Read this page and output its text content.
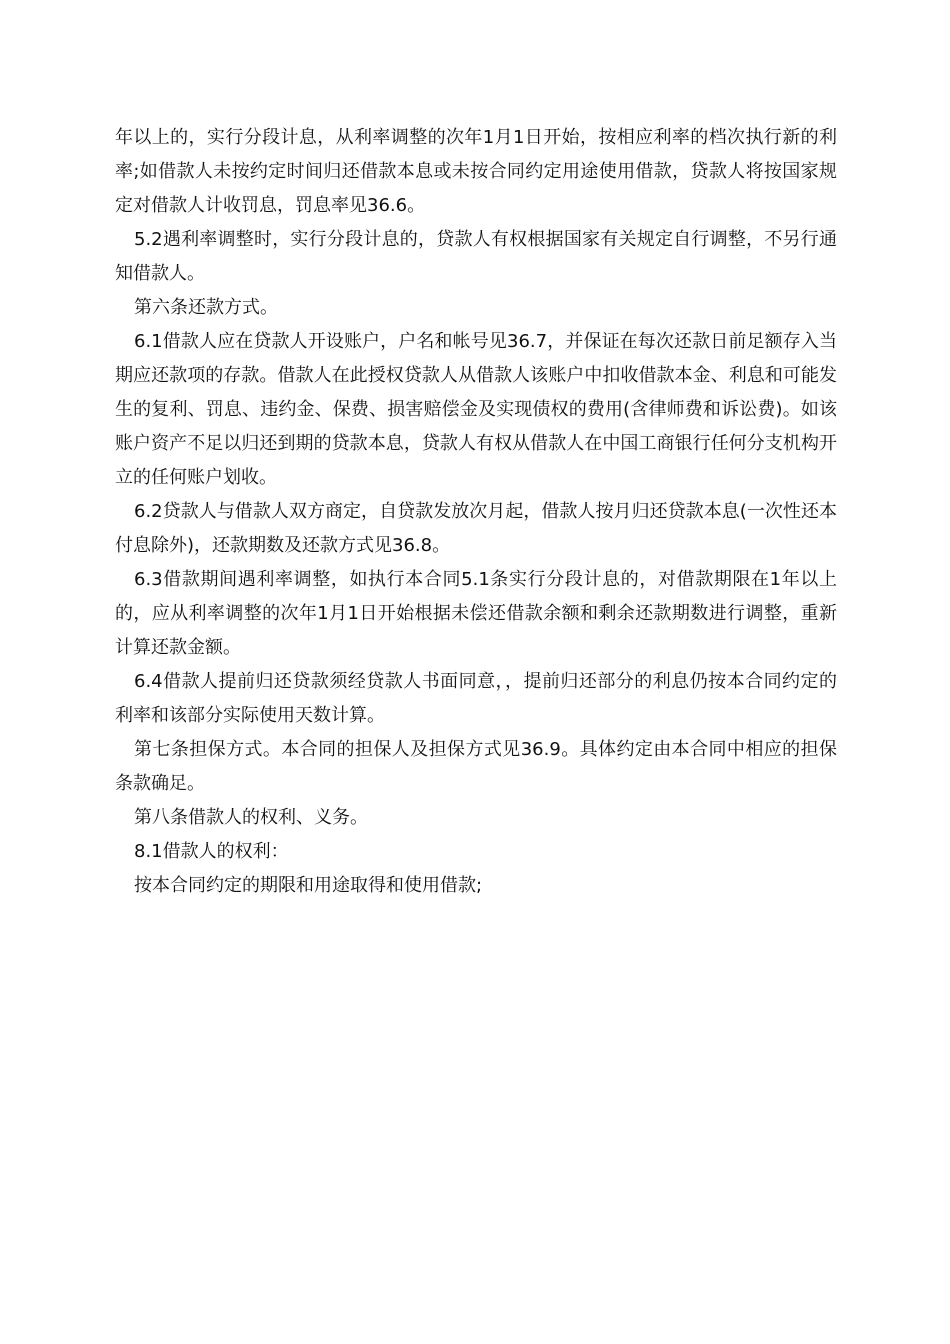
年以上的，实行分段计息，从利率调整的次年1月1日开始，按相应利率的档次执行新的利率;如借款人未按约定时间归还借款本息或未按合同约定用途使用借款，贷款人将按国家规定对借款人计收罚息，罚息率见36.6。

5.2遇利率调整时，实行分段计息的，贷款人有权根据国家有关规定自行调整，不另行通知借款人。

第六条还款方式。

6.1借款人应在贷款人开设账户，户名和帐号见36.7，并保证在每次还款日前足额存入当期应还款项的存款。借款人在此授权贷款人从借款人该账户中扣收借款本金、利息和可能发生的复利、罚息、违约金、保费、损害赔偿金及实现债权的费用(含律师费和诉讼费)。如该账户资产不足以归还到期的贷款本息，贷款人有权从借款人在中国工商银行任何分支机构开立的任何账户划收。

6.2贷款人与借款人双方商定，自贷款发放次月起，借款人按月归还贷款本息(一次性还本付息除外)，还款期数及还款方式见36.8。

6.3借款期间遇利率调整，如执行本合同5.1条实行分段计息的，对借款期限在1年以上的，应从利率调整的次年1月1日开始根据未偿还借款余额和剩余还款期数进行调整，重新计算还款金额。

6.4借款人提前归还贷款须经贷款人书面同意，，提前归还部分的利息仍按本合同约定的利率和该部分实际使用天数计算。

第七条担保方式。本合同的担保人及担保方式见36.9。具体约定由本合同中相应的担保条款确足。

第八条借款人的权利、义务。

8.1借款人的权利：

按本合同约定的期限和用途取得和使用借款;
